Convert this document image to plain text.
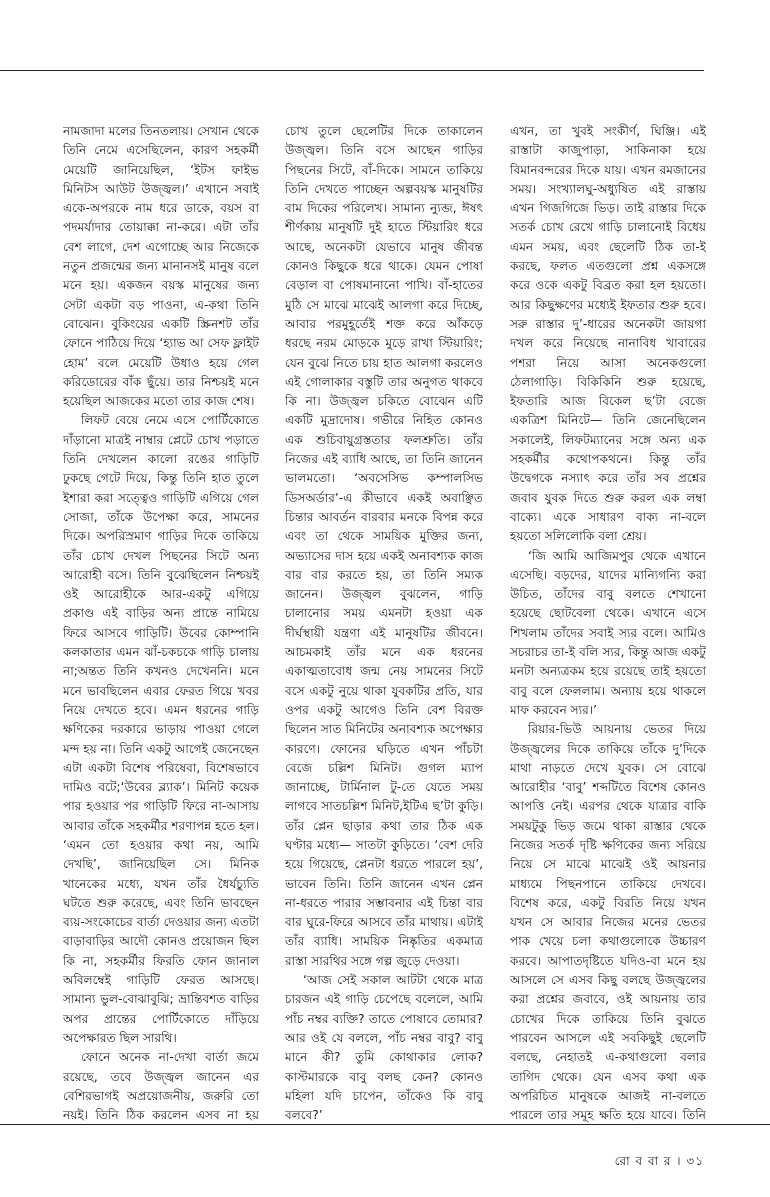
নামজাদা মলের তিনতলায়। সেখান থেকে তিনি নেমে এসেছিলেন, কারণ সহকর্মী মেয়েটি জানিয়েছিল, ‘ইটস ফাইভ মিনিটস আউট উজ্জ্বল।’ এখানে সবাই একে-অপরকে নাম ধরে ডাকে, বয়স বা পদমর্যাদার তোয়াক্কা না-করে। এটা তাঁর বেশ লাগে, দেশ এগোচ্ছে আর নিজেকে নতুন প্রজন্মের জন্য মানানসই মানুষ বলে মনে হয়। একজন বয়স্ক মানুষের জন্য সেটা একটা বড় পাওনা, এ-কথা তিনি বোঝেন। বুকিংয়ের একটি স্ক্রিনশট তাঁর ফোনে পাঠিয়ে দিয়ে ‘হ্যাভ আ সেফ ফ্লাইট হোম’ বলে মেয়েটি উধাও হয়ে গেল করিডোরের বাঁক ছুঁয়ে। তার নিশ্চয়ই মনে হয়েছিল আজকের মতো তার কাজ শেষ।

লিফট বেয়ে নেমে এসে পোর্টিকোতে দাঁড়ানো মাত্রই নাম্বার প্লেটে চোখ পড়াতে তিনি দেখলেন কালো রঙের গাড়িটি ঢুকছে গেটে দিয়ে, কিন্তু তিনি হাত তুলে ইশারা করা সত্ত্বেও গাড়িটি এগিয়ে গেল সোজা, তাঁকে উপেক্ষা করে, সামনের দিকে। অপরিস্রমাণ গাড়ির দিকে তাকিয়ে তাঁর চোখ দেখল পিছনের সিটে অন্য আরোহী বসে। তিনি বুঝেছিলেন নিশ্চয়ই ওই আরোহীকে আর-একটু এগিয়ে প্রকাণ্ড এই বাড়ির অন্য প্রান্তে নামিয়ে ফিরে আসবে গাড়িটি। উবের কোম্পানি কলকাতার এমন ঝাঁ-চকচকে গাড়ি চালায় না;অন্তত তিনি কখনও দেখেননি। মনে মনে ভাবছিলেন এবার ফেরত গিয়ে খবর নিয়ে দেখতে হবে। এমন ধরনের গাড়ি ক্ষণিকের দরকারে ভাড়ায় পাওয়া গেলে মন্দ হয় না। তিনি একটু আগেই জেনেছেন এটা একটা বিশেষ পরিষেবা, বিশেষভাবে দামিও বটে;‘উবের ব্ল্যাক’। মিনিট কয়েক পার হওয়ার পর গাড়িটি ফিরে না-আসায় আবার তাঁকে সহকর্মীর শরণাপন্ন হতে হল। ‘এমন তো হওয়ার কথা নয়, আমি দেখছি’, জানিয়েছিল সে। মিনিক খানেকের মধ্যে, যখন তাঁর ধৈর্যচ্যুতি ঘটতে শুরু করেছে, এবং তিনি ভাবছেন ব্যয়-সংকোচের বার্তা দেওয়ার জন্য এতটা বাড়াবাড়ির আদৌ কোনও প্রয়োজন ছিল কি না, সহকর্মীর ফিরতি ফোন জানাল অবিলম্বেই গাড়িটি ফেরত আসছে। সামান্য ভুল-বোঝাবুঝি; ভ্রান্তিবশত বাড়ির অপর প্রান্তের পোর্টিকোতে দাঁড়িয়ে অপেক্ষারত ছিল সারথি।

ফোনে অনেক না-দেখা বার্তা জমে রয়েছে, তবে উজ্জ্বল জানেন এর বেশিরভাগই অপ্রয়োজনীয়, জরুরি তো নয়ই। তিনি ঠিক করলেন এসব না হয়

চোখ তুলে ছেলেটির দিকে তাকালেন উজ্জ্বল। তিনি বসে আছেন গাড়ির পিছনের সিটে, বাঁ-দিকে। সামনে তাকিয়ে তিনি দেখতে পাচ্ছেন অল্পবয়স্ক মানুষটির বাম দিকের পরিলেখ। সামান্য ন্যুব্জ, ঈষৎ শীর্ণকায় মানুষটি দুই হাতে স্টিয়ারিং ধরে আছে, অনেকটা যেভাবে মানুষ জীবন্ত কোনও কিছুকে ধরে থাকে। যেমন পোষা বেড়াল বা পোষমানানো পাখি। বাঁ-হাতের মুঠি সে মাঝে মাঝেই আলগা করে দিচ্ছে, আবার পরমুহূর্তেই শক্ত করে আঁকড়ে ধরছে নরম মোড়কে মুড়ে রাখা স্টিয়ারিং; যেন বুঝে নিতে চায় হাত আলগা করলেও এই গোলাকার বস্তুটি তার অনুগত থাকবে কি না। উজ্জ্বল চকিতে বোঝেন এটি একটি মুদ্রাদোষ। গভীরে নিহিত কোনও এক শুচিবায়ুগ্রস্ততার ফলশ্রুতি। তাঁর নিজের এই ব্যাধি আছে, তা তিনি জানেন ভালমতো। ‘অবসেসিভ কম্পালসিভ ডিসঅর্ডার’-এ কীভাবে একই অবাঞ্ছিত চিন্তার আবর্তন বারবার মনকে বিপন্ন করে এবং তা থেকে সাময়িক মুক্তির জন্য, অভ্যাসের দাস হয়ে একই অনাবশ্যক কাজ বার বার করতে হয়, তা তিনি সম্যক জানেন। উজ্জ্বল বুঝলেন, গাড়ি চালানোর সময় এমনটা হওয়া এক দীর্ঘস্থায়ী যন্ত্রণা এই মানুষটির জীবনে। আচমকাই তাঁর মনে এক ধরনের একাত্মতাবোধ জন্ম নেয় সামনের সিটে বসে একটু নুয়ে থাকা যুবকটির প্রতি, যার ওপর একটু আগেও তিনি বেশ বিরক্ত ছিলেন সাত মিনিটের অনাবশ্যক অপেক্ষার কারণে। ফোনের ঘড়িতে এখন পাঁচটা বেজে চল্লিশ মিনিট। গুগল ম্যাপ জানাচ্ছে, টার্মিনাল টু-তে যেতে সময় লাগবে সাতচল্লিশ মিনিট,ইটিএ ছ’টা কুড়ি। তাঁর প্লেন ছাড়ার কথা তার ঠিক এক ঘণ্টার মধ্যে— সাতটা কুড়িতে। ‘বেশ দেরি হয়ে গিয়েছে, প্লেনটা ধরতে পারলে হয়’, ভাবেন তিনি। তিনি জানেন এখন প্লেন না-ধরতে পারার সম্ভাবনার এই চিন্তা বার বার ঘুরে-ফিরে আসবে তাঁর মাথায়। এটাই তাঁর ব্যাধি। সাময়িক নিষ্কৃতির একমাত্র রাস্তা সারথির সঙ্গে গল্প জুড়ে দেওয়া।

‘আজ সেই সকাল আটটা থেকে মাত্র চারজন এই গাড়ি চেপেছে বলেলে, আমি পাঁচ নম্বর ব্যক্তি? তাতে পোষাবে তোমার? আর ওই যে বললে, পাঁচ নম্বর বাবু? বাবু মানে কী? তুমি কোথাকার লোক? কাস্টমারকে বাবু বলছ কেন? কোনও মহিলা যদি চাপেন, তাঁকেও কি বাবু বলবে?’

এখন, তা খুবই সংকীর্ণ, ঘিঞ্জি। এই রাস্তাটা কাজুপাড়া, সাকিনাকা হয়ে বিমানবন্দরের দিকে যায়। এখন রমজানের সময়। সংখ্যালঘু-অধ্যুষিত এই রাস্তায় এখন গিজগিজে ভিড়। তাই রাস্তার দিকে সতর্ক চোখ রেখে গাড়ি চালানোই বিধেয় এমন সময়, এবং ছেলেটি ঠিক তা-ই করছে, ফলত এতগুলো প্রশ্ন একসঙ্গে করে ওকে একটু বিব্রত করা হল হয়তো। আর কিছুক্ষণের মধ্যেই ইফতার শুরু হবে। সরু রাস্তার দু’-ধারের অনেকটা জায়গা দখল করে নিয়েছে নানাবিধ খাবারের পশরা নিয়ে আসা অনেকগুলো ঠেলাগাড়ি। বিকিকিনি শুরু হয়েছে, ইফতারি আজ বিকেল ছ’টা বেজে একত্রিশ মিনিটে— তিনি জেনেছিলেন সকালেই, লিফটম্যানের সঙ্গে অন্য এক সহকর্মীর কথোপকথনে। কিন্তু তাঁর উদ্বেগকে নস্যাৎ করে তাঁর সব প্রশ্নের জবাব যুবক দিতে শুরু করল এক লম্বা বাক্যে। একে সাধারণ বাক্য না-বলে হয়তো সলিলোকি বলা শ্রেয়।

‘জি আমি আজিমপুর থেকে এখানে এসেছি। বড়দের, যাদের মান্যিগন্যি করা উচিত, তাঁদের বাবু বলতে শেখানো হয়েছে ছোটবেলা থেকে। এখানে এসে শিখলাম তাঁদের সবাই স্যর বলে। আমিও সচরাচর তা-ই বলি স্যর, কিন্তু আজ একটু মনটা অন্যত্রকম হয়ে রয়েছে তাই হয়তো বাবু বলে ফেললাম। অন্যায় হয়ে থাকলে মাফ করবেন স্যর।’

রিয়ার-ভিউ আয়নায় ভেতর দিয়ে উজ্জ্বলের দিকে তাকিয়ে তাঁকে দু’দিকে মাথা নাড়তে দেখে যুবক। সে বোঝে আরোহীর ‘বাবু’ শব্দটিতে বিশেষ কোনও আপত্তি নেই। এরপর থেকে যাত্রার বাকি সময়টুকু ভিড় জমে থাকা রাস্তার থেকে নিজের সতর্ক দৃষ্টি ক্ষণিকের জন্য সরিয়ে নিয়ে সে মাঝে মাঝেই ওই আয়নার মাধ্যমে পিছনপানে তাকিয়ে দেখবে। বিশেষ করে, একটু বিরতি নিয়ে যখন যখন সে আবার নিজের মনের ভেতর পাক খেয়ে চলা কথাগুলোকে উচ্চারণ করবে। আপাতদৃষ্টিতে যদিও-বা মনে হয় আসলে সে এসব কিছু বলছে উজ্জ্বলের করা প্রশ্নের জবাবে, ওই আয়নায় তার চোখের দিকে তাকিয়ে তিনি বুঝতে পারবেন আসলে এই সবকিছুই ছেলেটি বলছে, নেহাতই এ-কথাগুলো বলার তাগিদ থেকে। যেন এসব কথা এক অপরিচিত মানুষকে আজই না-বলতে পারলে তার সমূহ ক্ষতি হয়ে যাবে। তিনি

রো ব বা র । ৩১
